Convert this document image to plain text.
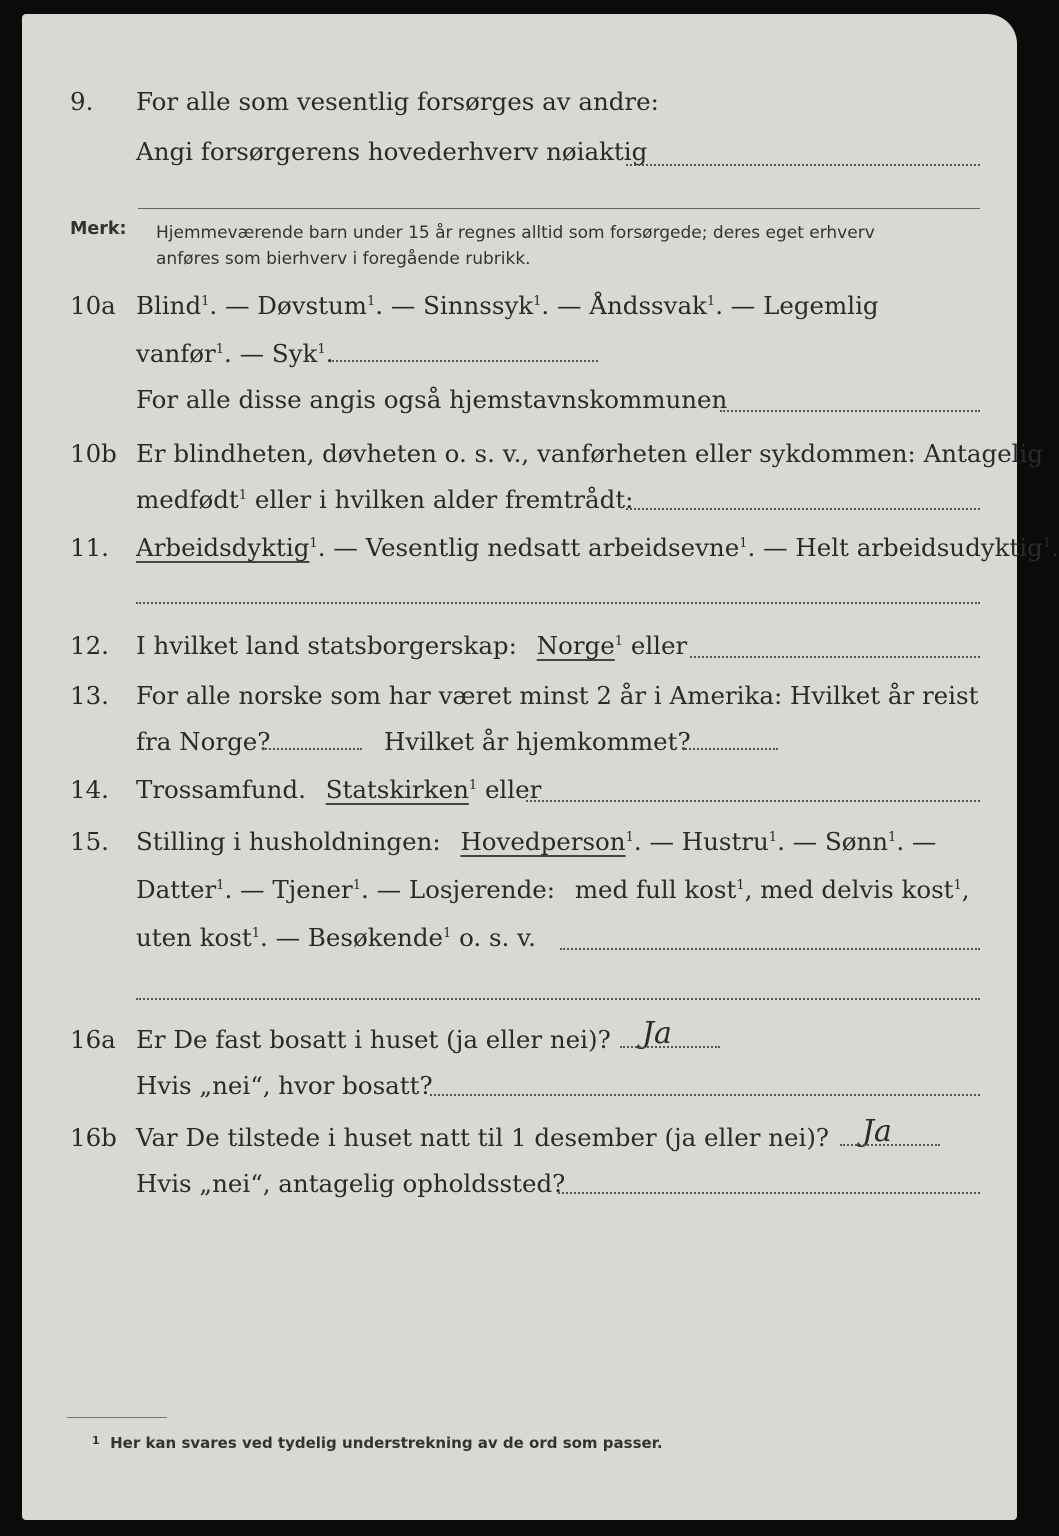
9.	For alle som vesentlig forsørges av andre:
Angi forsørgerens hovederhverv nøiaktig
Merk: Hjemmeværende barn under 15 år regnes alltid som forsørgede; deres eget erhverv
anføres som bierhverv i foregående rubrikk.
10a Blind$^1$. — Døvstum$^1$. — Sinnssyk$^1$. — Åndssvak$^1$. — Legemlig
vanfør$^1$. — Syk$^1$.
For alle disse angis også hjemstavnskommunen
10b Er blindheten, døvheten o. s. v., vanførheten eller sykdommen: Antagelig
medfødt$^1$ eller i hvilken alder fremtrådt:
11.	Arbeidsdyktig$^1$. — Vesentlig nedsatt arbeidsevne$^1$. — Helt arbeidsudyktig$^1$.
12.	I hvilket land statsborgerskap: Norge$^1$ eller
13.	For alle norske som har været minst 2 år i Amerika: Hvilket år reist
fra Norge?	Hvilket år hjemkommet?
14.	Trossamfund. Statskirken$^1$ eller
15.	Stilling i husholdningen: Hovedperson$^1$. — Hustru$^1$. — Sønn$^1$. —
Datter$^1$. — Tjener$^1$. — Losjerende: med full kost$^1$, med delvis kost$^1$,
uten kost$^1$. — Besøkende$^1$ o. s. v.
16a Er De fast bosatt i huset (ja eller nei)? Ja
Hvis „nei“, hvor bosatt?
16b Var De tilstede i huset natt til 1 desember (ja eller nei)? Ja
Hvis „nei“, antagelig opholdssted?
$^1$ Her kan svares ved tydelig understrekning av de ord som passer.
